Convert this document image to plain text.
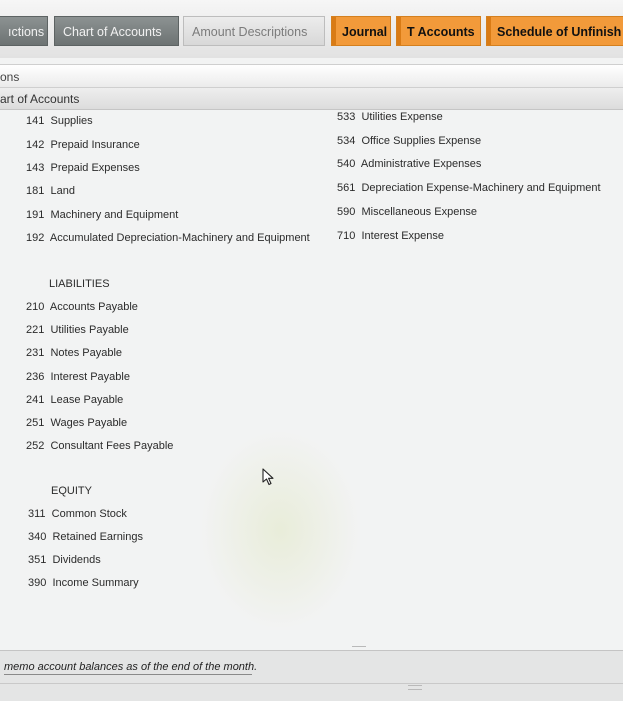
ıctions	Chart of Accounts	Amount Descriptions	Journal	T Accounts	Schedule of Unfinish
ons
art of Accounts
141 Supplies
142 Prepaid Insurance
143 Prepaid Expenses
181 Land
191 Machinery and Equipment
192 Accumulated Depreciation-Machinery and Equipment
533 Utilities Expense
534 Office Supplies Expense
540 Administrative Expenses
561 Depreciation Expense-Machinery and Equipment
590 Miscellaneous Expense
710 Interest Expense
LIABILITIES
210 Accounts Payable
221 Utilities Payable
231 Notes Payable
236 Interest Payable
241 Lease Payable
251 Wages Payable
252 Consultant Fees Payable
EQUITY
311 Common Stock
340 Retained Earnings
351 Dividends
390 Income Summary
memo account balances as of the end of the month.
